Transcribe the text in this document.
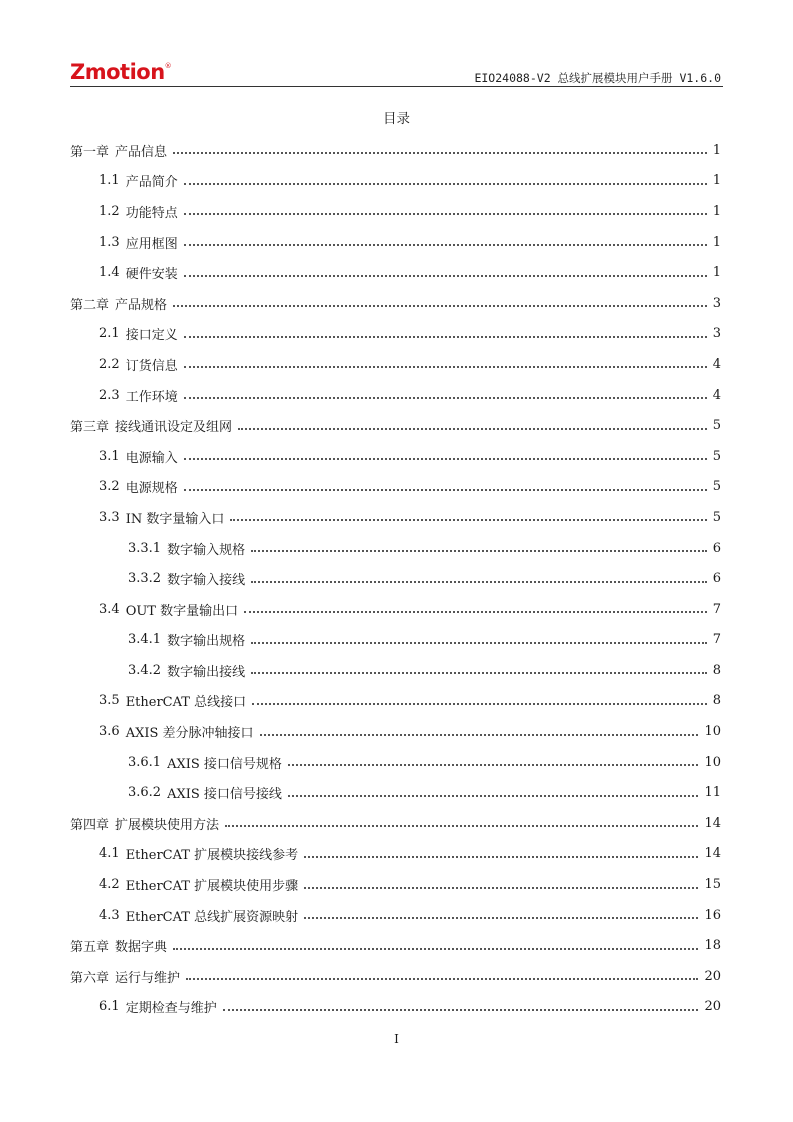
Zmotion®
EIO24088-V2 总线扩展模块用户手册 V1.6.0
目录
第一章 产品信息	1
1.1 产品简介	1
1.2 功能特点	1
1.3 应用框图	1
1.4 硬件安装	1
第二章 产品规格	3
2.1 接口定义	3
2.2 订货信息	4
2.3 工作环境	4
第三章 接线通讯设定及组网	5
3.1 电源输入	5
3.2 电源规格	5
3.3 IN 数字量输入口	5
3.3.1 数字输入规格	6
3.3.2 数字输入接线	6
3.4 OUT 数字量输出口	7
3.4.1 数字输出规格	7
3.4.2 数字输出接线	8
3.5 EtherCAT 总线接口	8
3.6 AXIS 差分脉冲轴接口	10
3.6.1 AXIS 接口信号规格	10
3.6.2 AXIS 接口信号接线	11
第四章 扩展模块使用方法	14
4.1 EtherCAT 扩展模块接线参考	14
4.2 EtherCAT 扩展模块使用步骤	15
4.3 EtherCAT 总线扩展资源映射	16
第五章 数据字典	18
第六章 运行与维护	20
6.1 定期检查与维护	20
I
